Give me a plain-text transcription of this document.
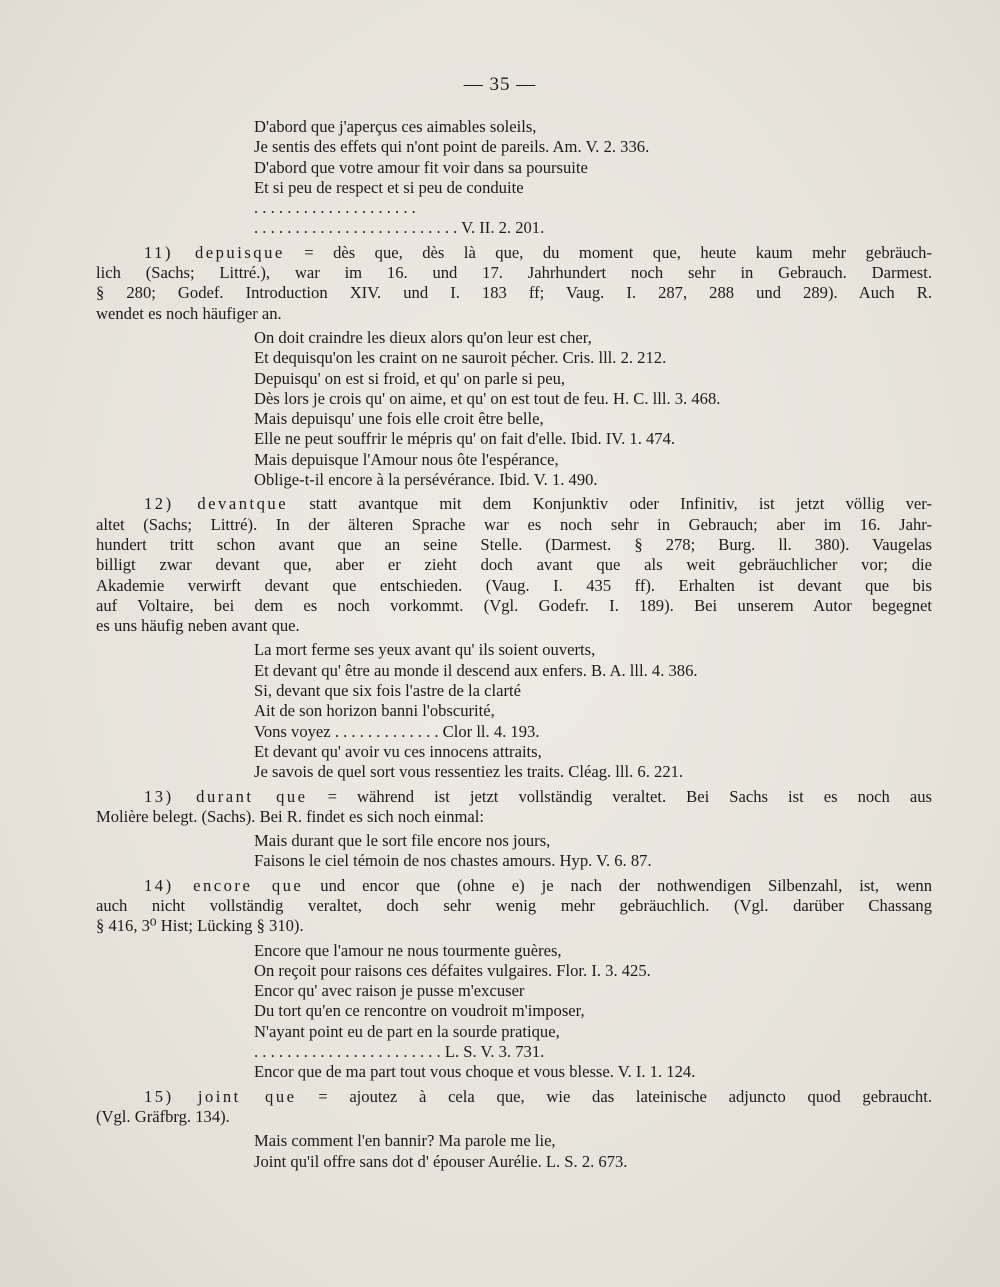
— 35 —
D'abord que j'aperçus ces aimables soleils,
Je sentis des effets qui n'ont point de pareils. Am. V. 2. 336.
D'abord que votre amour fit voir dans sa poursuite
Et si peu de respect et si peu de conduite
. . . . . . . . . . . . . . . . . . . .
. . . . . . . . . . . . . . . . . . . . . . . . . V. II. 2. 201.
11) depuisque = dès que, dès là que, du moment que, heute kaum mehr gebräuch-
lich (Sachs; Littré.), war im 16. und 17. Jahrhundert noch sehr in Gebrauch. Darmest.
§ 280; Godef. Introduction XIV. und I. 183 ff; Vaug. I. 287, 288 und 289). Auch R.
wendet es noch häufiger an.
On doit craindre les dieux alors qu'on leur est cher,
Et dequisqu'on les craint on ne sauroit pécher. Cris. lll. 2. 212.
Depuisqu' on est si froid, et qu' on parle si peu,
Dès lors je crois qu' on aime, et qu' on est tout de feu. H. C. lll. 3. 468.
Mais depuisqu' une fois elle croit être belle,
Elle ne peut souffrir le mépris qu' on fait d'elle. Ibid. IV. 1. 474.
Mais depuisque l'Amour nous ôte l'espérance,
Oblige-t-il encore à la persévérance. Ibid. V. 1. 490.
12) devantque statt avantque mit dem Konjunktiv oder Infinitiv, ist jetzt völlig ver-
altet (Sachs; Littré). In der älteren Sprache war es noch sehr in Gebrauch; aber im 16. Jahr-
hundert tritt schon avant que an seine Stelle. (Darmest. § 278; Burg. ll. 380). Vaugelas
billigt zwar devant que, aber er zieht doch avant que als weit gebräuchlicher vor; die
Akademie verwirft devant que entschieden. (Vaug. I. 435 ff). Erhalten ist devant que bis
auf Voltaire, bei dem es noch vorkommt. (Vgl. Godefr. I. 189). Bei unserem Autor begegnet
es uns häufig neben avant que.
La mort ferme ses yeux avant qu' ils soient ouverts,
Et devant qu' être au monde il descend aux enfers. B. A. lll. 4. 386.
Si, devant que six fois l'astre de la clarté
Ait de son horizon banni l'obscurité,
Vons voyez . . . . . . . . . . . . . Clor ll. 4. 193.
Et devant qu' avoir vu ces innocens attraits,
Je savois de quel sort vous ressentiez les traits. Cléag. lll. 6. 221.
13) durant que = während ist jetzt vollständig veraltet. Bei Sachs ist es noch aus
Molière belegt. (Sachs). Bei R. findet es sich noch einmal:
Mais durant que le sort file encore nos jours,
Faisons le ciel témoin de nos chastes amours. Hyp. V. 6. 87.
14) encore que und encor que (ohne e) je nach der nothwendigen Silbenzahl, ist, wenn
auch nicht vollständig veraltet, doch sehr wenig mehr gebräuchlich. (Vgl. darüber Chassang
§ 416, 3⁰ Hist; Lücking § 310).
Encore que l'amour ne nous tourmente guères,
On reçoit pour raisons ces défaites vulgaires. Flor. I. 3. 425.
Encor qu' avec raison je pusse m'excuser
Du tort qu'en ce rencontre on voudroit m'imposer,
N'ayant point eu de part en la sourde pratique,
. . . . . . . . . . . . . . . . . . . . . . . L. S. V. 3. 731.
Encor que de ma part tout vous choque et vous blesse. V. I. 1. 124.
15) joint que = ajoutez à cela que, wie das lateinische adjuncto quod gebraucht.
(Vgl. Gräfbrg. 134).
Mais comment l'en bannir? Ma parole me lie,
Joint qu'il offre sans dot d' épouser Aurélie. L. S. 2. 673.
